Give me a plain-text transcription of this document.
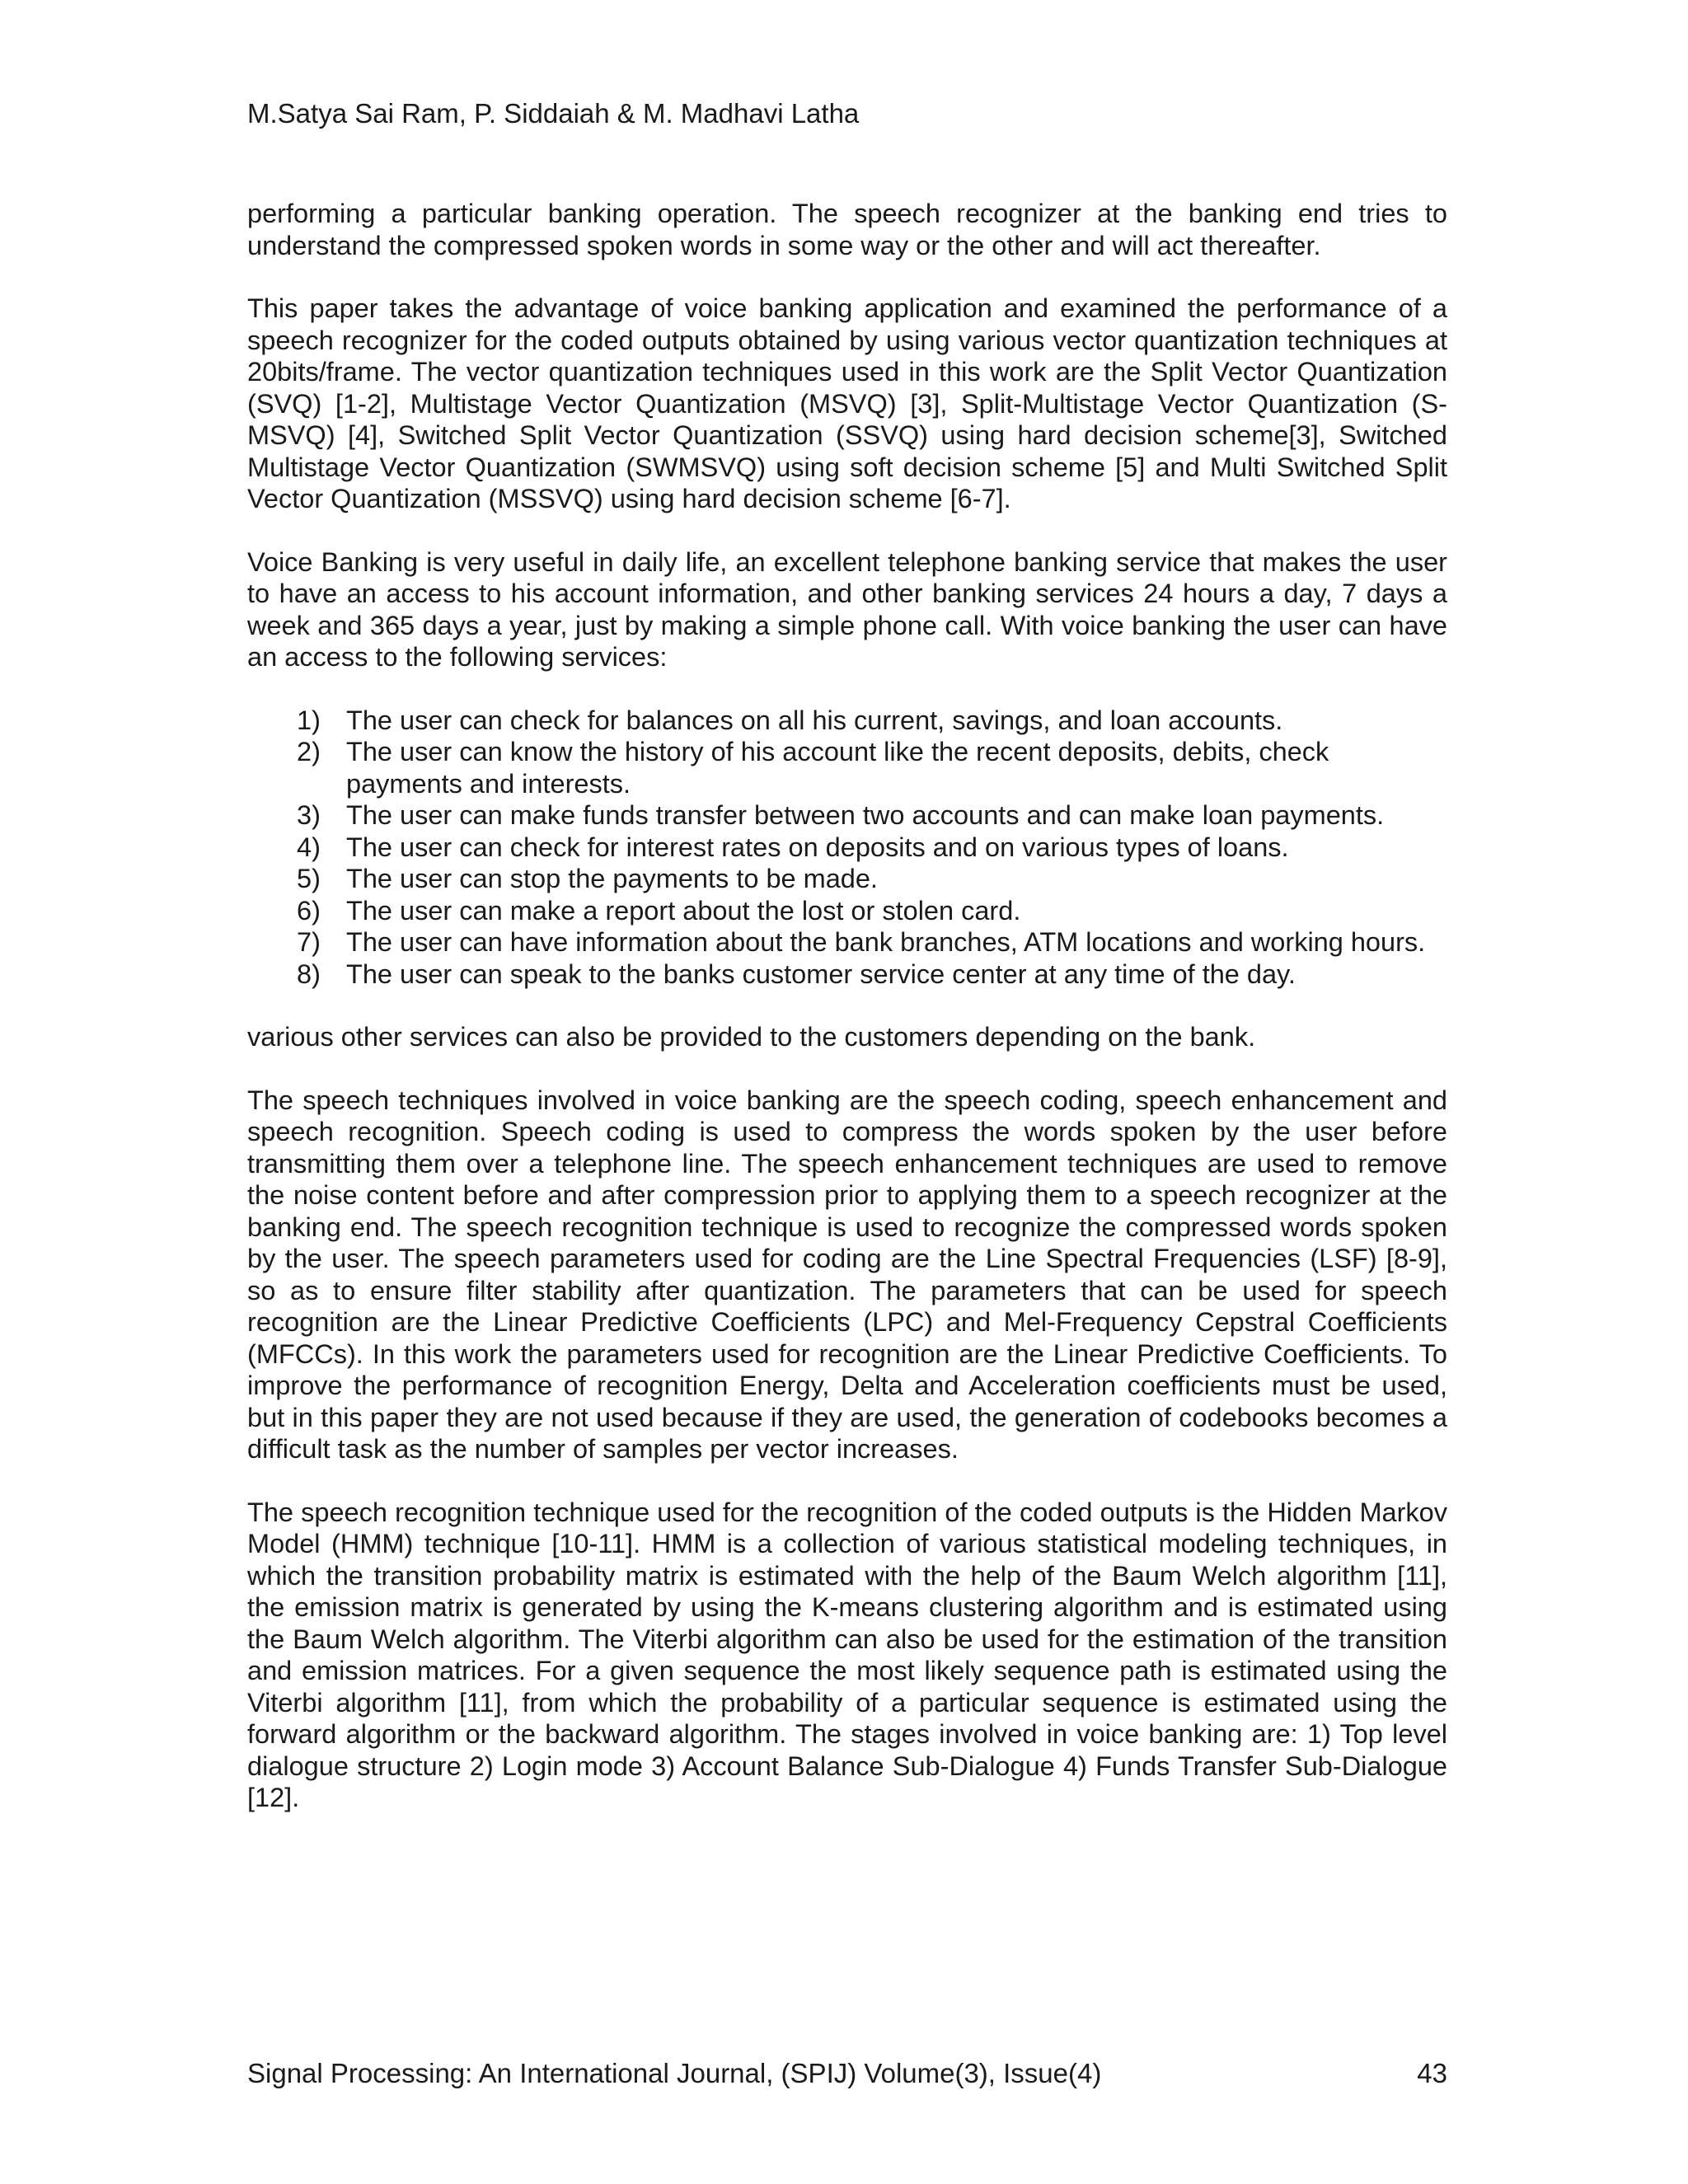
M.Satya Sai Ram, P. Siddaiah & M. Madhavi Latha

performing a particular banking operation. The speech recognizer at the banking end tries to understand the compressed spoken words in some way or the other and will act thereafter.

This paper takes the advantage of voice banking application and examined the performance of a speech recognizer for the coded outputs obtained by using various vector quantization techniques at 20bits/frame. The vector quantization techniques used in this work are the Split Vector Quantization (SVQ) [1-2], Multistage Vector Quantization (MSVQ) [3], Split-Multistage Vector Quantization (S-MSVQ) [4], Switched Split Vector Quantization (SSVQ) using hard decision scheme[3], Switched Multistage Vector Quantization (SWMSVQ) using soft decision scheme [5] and Multi Switched Split Vector Quantization (MSSVQ) using hard decision scheme [6-7].

Voice Banking is very useful in daily life, an excellent telephone banking service that makes the user to have an access to his account information, and other banking services 24 hours a day, 7 days a week and 365 days a year, just by making a simple phone call. With voice banking the user can have an access to the following services:

1) The user can check for balances on all his current, savings, and loan accounts.
2) The user can know the history of his account like the recent deposits, debits, check payments and interests.
3) The user can make funds transfer between two accounts and can make loan payments.
4) The user can check for interest rates on deposits and on various types of loans.
5) The user can stop the payments to be made.
6) The user can make a report about the lost or stolen card.
7) The user can have information about the bank branches, ATM locations and working hours.
8) The user can speak to the banks customer service center at any time of the day.

various other services can also be provided to the customers depending on the bank.

The speech techniques involved in voice banking are the speech coding, speech enhancement and speech recognition. Speech coding is used to compress the words spoken by the user before transmitting them over a telephone line. The speech enhancement techniques are used to remove the noise content before and after compression prior to applying them to a speech recognizer at the banking end. The speech recognition technique is used to recognize the compressed words spoken by the user. The speech parameters used for coding are the Line Spectral Frequencies (LSF) [8-9], so as to ensure filter stability after quantization. The parameters that can be used for speech recognition are the Linear Predictive Coefficients (LPC) and Mel-Frequency Cepstral Coefficients (MFCCs). In this work the parameters used for recognition are the Linear Predictive Coefficients. To improve the performance of recognition Energy, Delta and Acceleration coefficients must be used, but in this paper they are not used because if they are used, the generation of codebooks becomes a difficult task as the number of samples per vector increases.

The speech recognition technique used for the recognition of the coded outputs is the Hidden Markov Model (HMM) technique [10-11]. HMM is a collection of various statistical modeling techniques, in which the transition probability matrix is estimated with the help of the Baum Welch algorithm [11], the emission matrix is generated by using the K-means clustering algorithm and is estimated using the Baum Welch algorithm. The Viterbi algorithm can also be used for the estimation of the transition and emission matrices. For a given sequence the most likely sequence path is estimated using the Viterbi algorithm [11], from which the probability of a particular sequence is estimated using the forward algorithm or the backward algorithm. The stages involved in voice banking are: 1) Top level dialogue structure 2) Login mode 3) Account Balance Sub-Dialogue 4) Funds Transfer Sub-Dialogue [12].

Signal Processing: An International Journal, (SPIJ) Volume(3), Issue(4)	43
